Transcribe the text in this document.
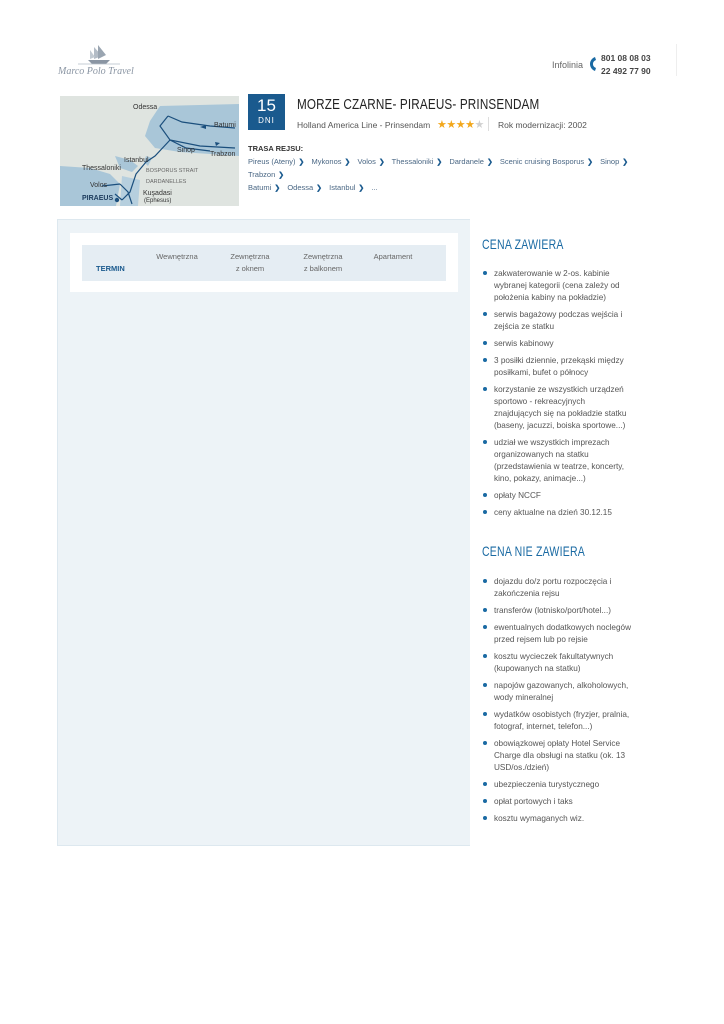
Marco Polo Travel
Infolinia
801 08 08 03
22 492 77 90
Odessa
Batumi
Sinop
Trabzon
Istanbul
Thessaloniki	BOSPORUS STRAIT
DARDANELLES
Volos
Kuşadasi
(Ephesus)
PIRAEUS
15
DNI
MORZE CZARNE- PIRAEUS- PRINSENDAM
Holland America Line - Prinsendam ★★★★★ Rok modernizacji: 2002
TRASA REJSU:
Pireus (Ateny) ❯ Mykonos ❯ Volos ❯ Thessaloniki ❯ Dardanele ❯ Scenic cruising Bosporus ❯ Sinop ❯ Trabzon ❯
Batumi ❯ Odessa ❯ Istanbul ❯ ...
Wewnętrzna	Zewnętrzna
z oknem
Zewnętrzna
z balkonem
Apartament
TERMIN
CENA ZAWIERA
zakwaterowanie w 2-os. kabinie wybranej kategorii (cena zależy od położenia kabiny na pokładzie)
serwis bagażowy podczas wejścia i zejścia ze statku
serwis kabinowy
3 posiłki dziennie, przekąski między posiłkami, bufet o północy
korzystanie ze wszystkich urządzeń sportowo - rekreacyjnych znajdujących się na pokładzie statku (baseny, jacuzzi, boiska sportowe...)
udział we wszystkich imprezach organizowanych na statku (przedstawienia w teatrze, koncerty, kino, pokazy, animacje...)
opłaty NCCF
ceny aktualne na dzień 30.12.15
CENA NIE ZAWIERA
dojazdu do/z portu rozpoczęcia i zakończenia rejsu
transferów (lotnisko/port/hotel...)
ewentualnych dodatkowych noclegów przed rejsem lub po rejsie
kosztu wycieczek fakultatywnych (kupowanych na statku)
napojów gazowanych, alkoholowych, wody mineralnej
wydatków osobistych (fryzjer, pralnia, fotograf, internet, telefon...)
obowiązkowej opłaty Hotel Service Charge dla obsługi na statku (ok. 13 USD/os./dzień)
ubezpieczenia turystycznego
opłat portowych i taks
kosztu wymaganych wiz.
